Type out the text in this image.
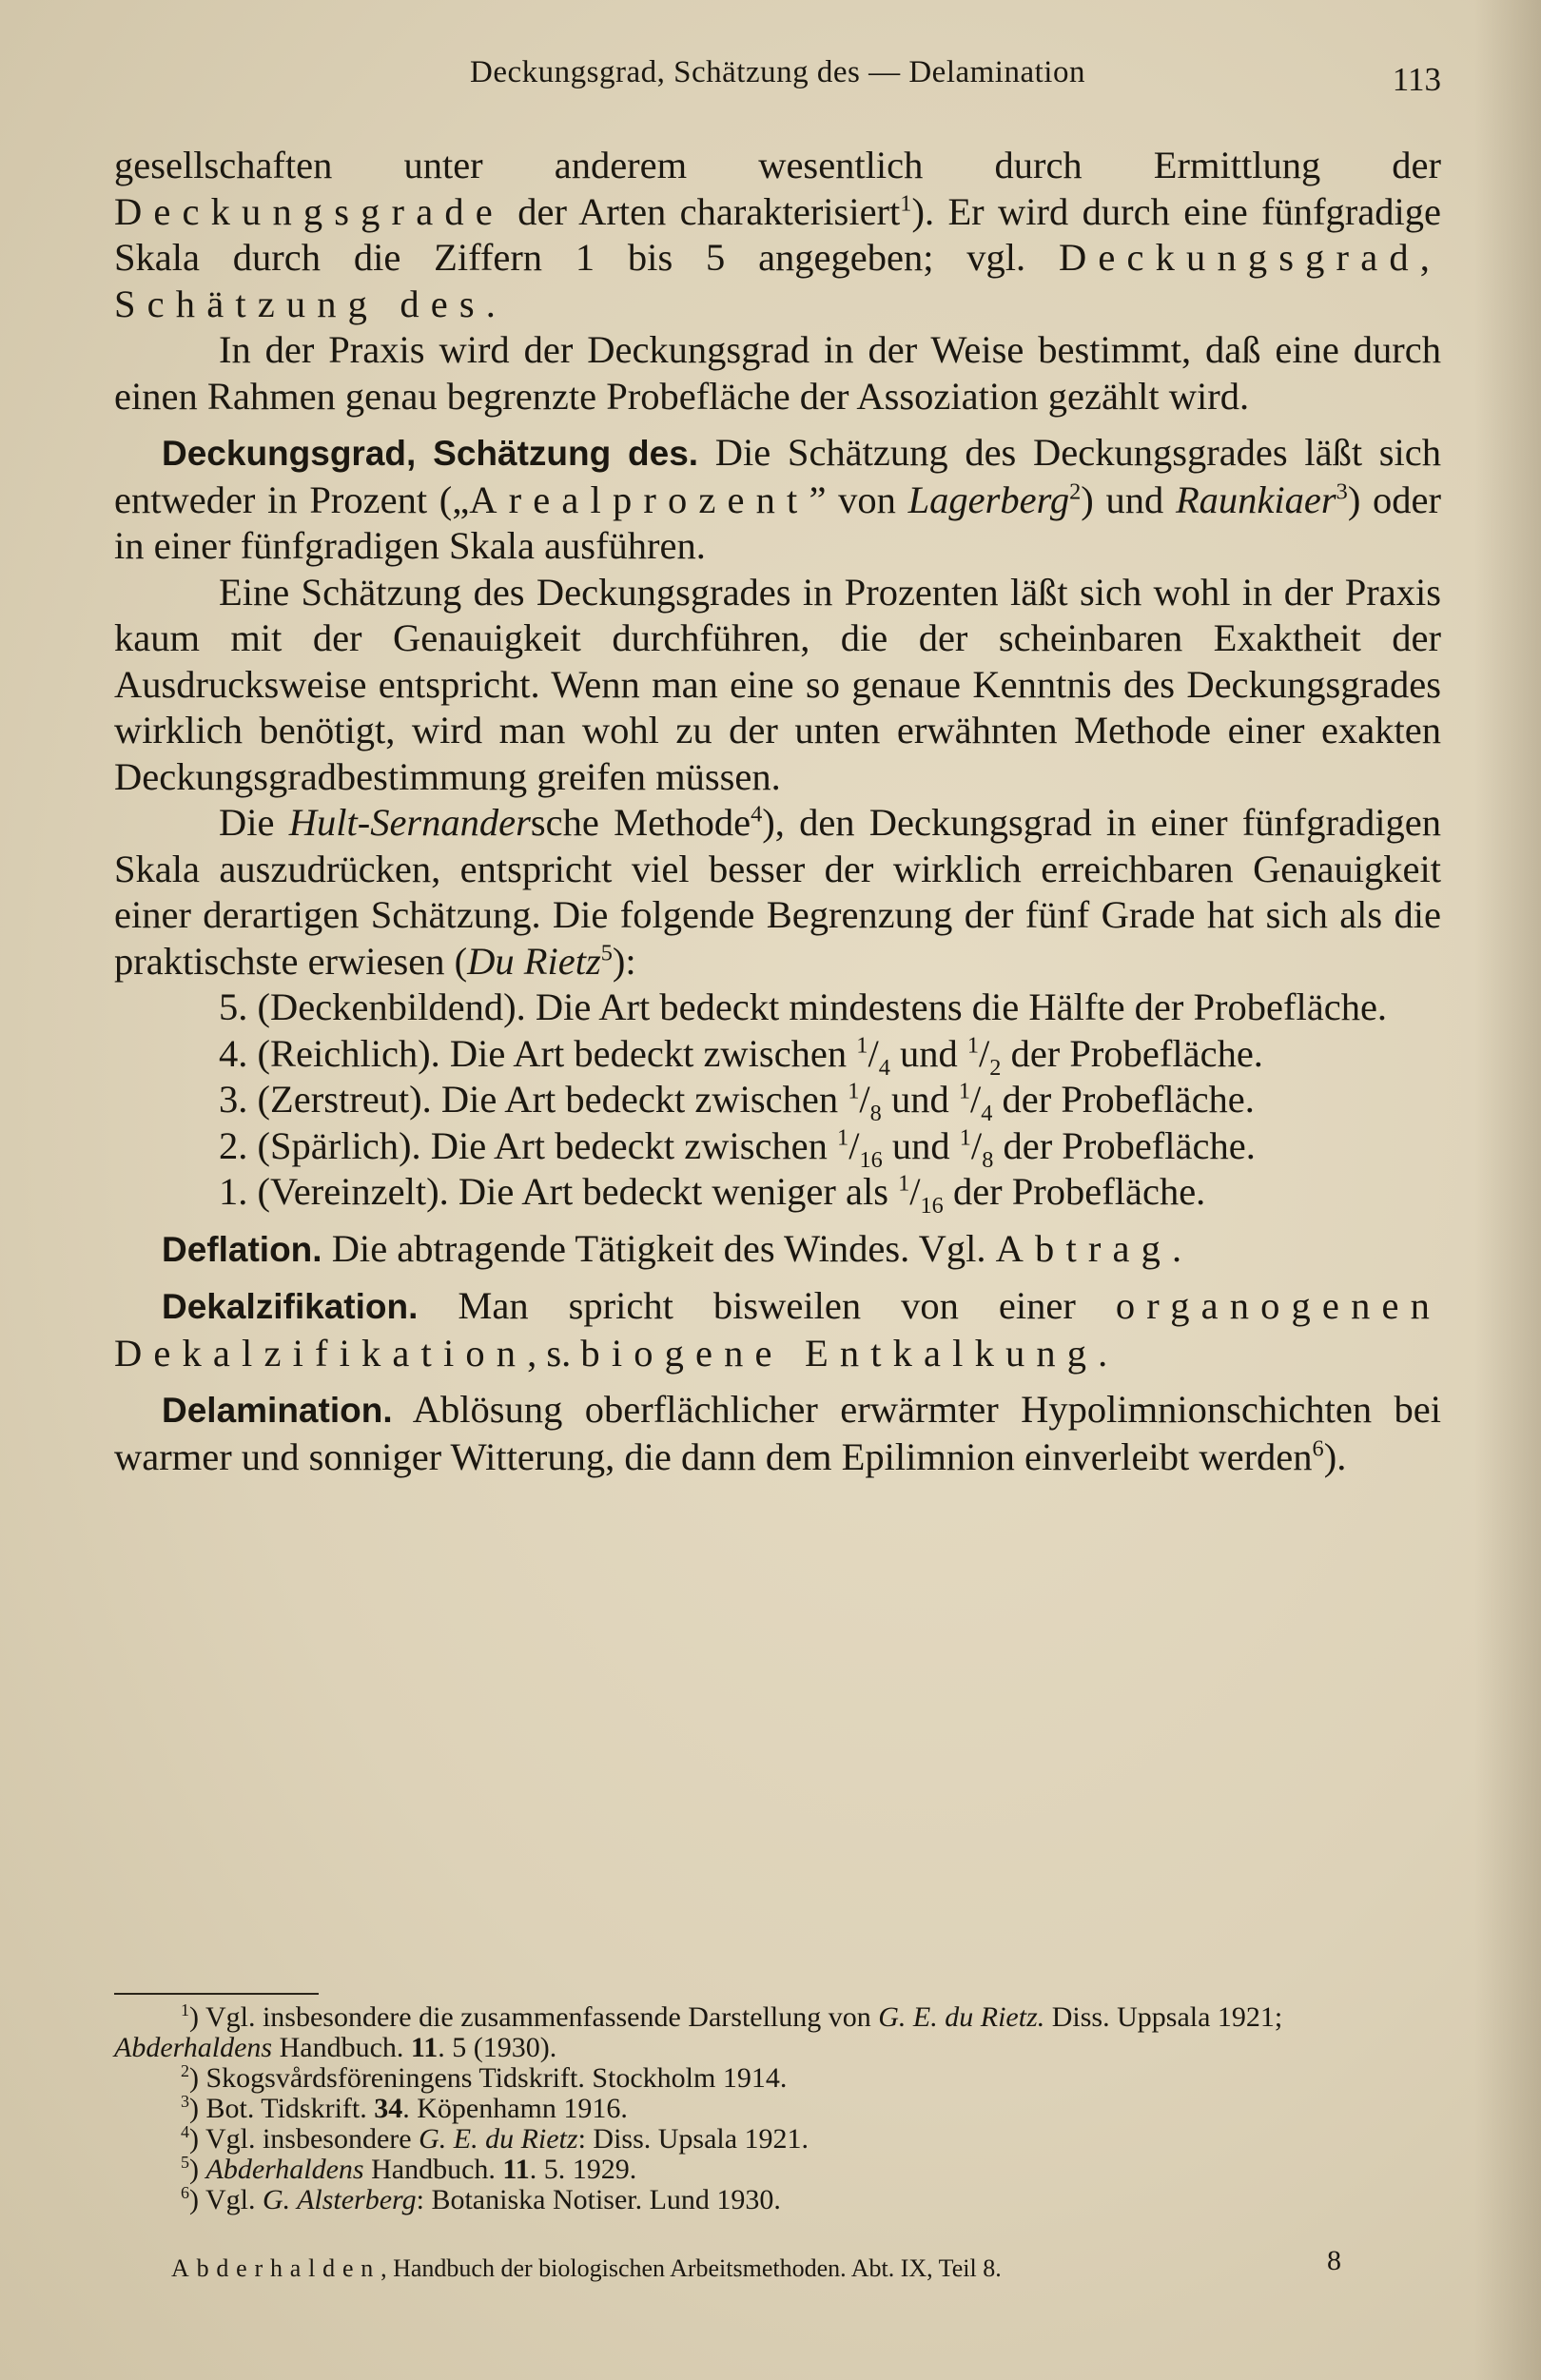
Deckungsgrad, Schätzung des — Delamination	113

gesellschaften unter anderem wesentlich durch Ermittlung der Deckungsgrade der Arten charakterisiert$^1$). Er wird durch eine fünfgradige Skala durch die Ziffern 1 bis 5 angegeben; vgl. Deckungsgrad, Schätzung des.

In der Praxis wird der Deckungsgrad in der Weise bestimmt, daß eine durch einen Rahmen genau begrenzte Probefläche der Assoziation gezählt wird.

Deckungsgrad, Schätzung des. Die Schätzung des Deckungsgrades läßt sich entweder in Prozent („Arealprozent” von Lagerberg$^2$) und Raunkiaer$^3$) oder in einer fünfgradigen Skala ausführen.

Eine Schätzung des Deckungsgrades in Prozenten läßt sich wohl in der Praxis kaum mit der Genauigkeit durchführen, die der scheinbaren Exaktheit der Ausdrucksweise entspricht. Wenn man eine so genaue Kenntnis des Deckungsgrades wirklich benötigt, wird man wohl zu der unten erwähnten Methode einer exakten Deckungsgradbestimmung greifen müssen.

Die Hult-Sernandersche Methode$^4$), den Deckungsgrad in einer fünfgradigen Skala auszudrücken, entspricht viel besser der wirklich erreichbaren Genauigkeit einer derartigen Schätzung. Die folgende Begrenzung der fünf Grade hat sich als die praktischste erwiesen (Du Rietz$^5$):

5. (Deckenbildend). Die Art bedeckt mindestens die Hälfte der Probefläche.

4. (Reichlich). Die Art bedeckt zwischen $^1/_4$ und $^1/_2$ der Probefläche.

3. (Zerstreut). Die Art bedeckt zwischen $^1/_8$ und $^1/_4$ der Probefläche.

2. (Spärlich). Die Art bedeckt zwischen $^1/_{16}$ und $^1/_8$ der Probefläche.

1. (Vereinzelt). Die Art bedeckt weniger als $^1/_{16}$ der Probefläche.

Deflation. Die abtragende Tätigkeit des Windes. Vgl. Abtrag.

Dekalzifikation. Man spricht bisweilen von einer organogenen Dekalzifikation, s. biogene Entkalkung.

Delamination. Ablösung oberflächlicher erwärmter Hypolimnionschichten bei warmer und sonniger Witterung, die dann dem Epilimnion einverleibt werden$^6$).

$^1$) Vgl. insbesondere die zusammenfassende Darstellung von G. E. du Rietz. Diss. Uppsala 1921; Abderhaldens Handbuch. 11. 5 (1930).

$^2$) Skogsvårdsföreningens Tidskrift. Stockholm 1914.

$^3$) Bot. Tidskrift. 34. Köpenhamn 1916.

$^4$) Vgl. insbesondere G. E. du Rietz: Diss. Upsala 1921.

$^5$) Abderhaldens Handbuch. 11. 5. 1929.

$^6$) Vgl. G. Alsterberg: Botaniska Notiser. Lund 1930.

Abderhalden, Handbuch der biologischen Arbeitsmethoden. Abt. IX, Teil 8.	8
